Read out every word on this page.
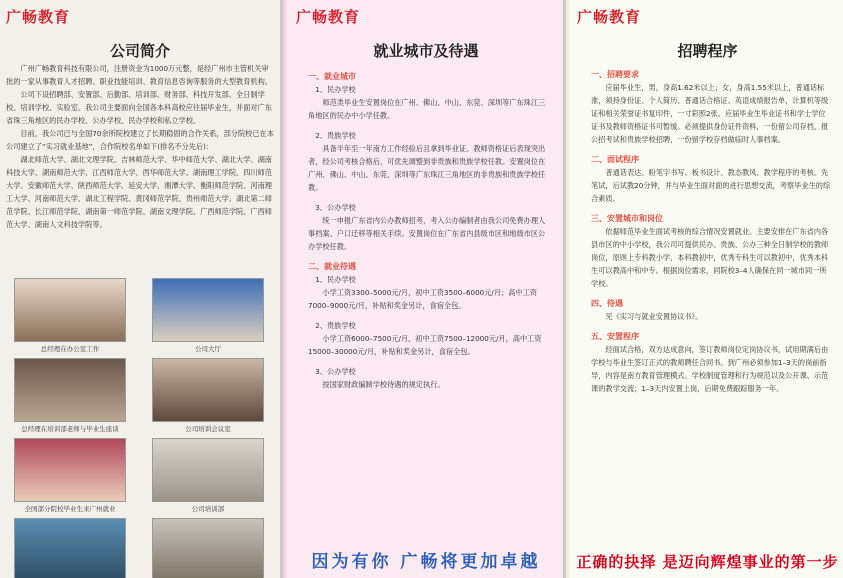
广畅教育
公司简介

广州广畅教育科技有限公司，注册资金为1000万元整，是经广州市主管机关审批的一家从事教育人才招聘、职业技能培训、教育信息咨询等服务的大型教育机构。

公司下设招聘部、安置部、后勤部、培训部、财务部、科技开发部、全日制学校、培训学校、实验室。我公司主要面向全国各本科高校应往届毕业生，并面对广东省珠三角地区的民办学校、公办学校、民办学校和私立学校。

目前，我公司已与全国70余所院校建立了长期稳固的合作关系，部分院校已在本公司建立了“实习就业基地”，合作院校名单如下(排名不分先后)：

湖北师范大学、湖北文理学院、吉林师范大学、华中师范大学、湖北大学、湖南科技大学、湖南师范大学、江西师范大学、西华师范大学、湖南理工学院、四川师范大学、安徽师范大学、陕西师范大学、延安大学、湘潭大学、衡阳师范学院、河南理工大学、河南师范大学、湖北工程学院、黄冈师范学院、贵州师范大学、湖北第二师范学院、长江师范学院、湖南第一师范学院、湖南文理学院、广西师范学院、广西师范大学、湖南人文科技学院等。

总经理在办公室工作	公司大厅
总经理在培训部老师与毕业生座谈	公司培训会议室
全国部分院校毕业生来广州就业	公司培训部
广畅教育
就业城市及待遇

一、就业城市

1、民办学校

师范类毕业生安置岗位在广州、佛山、中山、东莞、深圳等广东珠江三角地区的民办中小学任教。

2、贵族学校

具备半年至一年南方工作经验后且拿到毕业证、教师资格证后表现突出者，经公司考核合格后，可优先调整到非贵族和贵族学校任教。安置岗位在广州、佛山、中山、东莞、深圳等广东珠江三角地区的非贵族和贵族学校任教。

3、公办学校

统一申报广东省内公办教师招考，考入公办编制者由我公司免费办理人事档案、户口迁移等相关手续。安置岗位在广东省内县级市区和地级市区公办学校任教。

二、就业待遇

1、民办学校

小学工资3300–5000元/月，初中工资3500–6000元/月；高中工资7000–9000元/月，补贴和奖金另计，食宿全包。

2、贵族学校

小学工资6000–7500元/月，初中工资7500–12000元/月，高中工资15000–30000元/月，补贴和奖金另计，食宿全包。

3、公办学校

按国家财政编制学校待遇的规定执行。

因为有你 广畅将更加卓越
广畅教育
招聘程序

一、招聘要求

应届毕业生，男，身高1.62米以上；女，身高1.55米以上，普通话标准，须持身份证、个人简历、普通话合格证、英语成绩报告单，计算机等级证和相关荣誉证书复印件，一寸彩照2张。应届毕业生毕业证书和学士学位证书及教师资格证书可暂缓。必须提供身份证件资料，一份留公司存档，报公招考试和贵族学校招聘，一份留学校存档做临时人事档案。

二、面试程序

普通话表达、粉笔字书写、板书设计、教态教风、教学程序的考核。先笔试，后试教20分钟，并与毕业生面对面的进行思想交流，考察毕业生的综合素质。

三、安置城市和岗位

依据师范毕业生面试考核的综合情况安置就业。主要安排在广东省内各县市区的中小学校，我公司可提供民办、贵族、公办三种全日制学校的教师岗位，原则上专科教小学，本科教初中，优秀专科生可以教初中，优秀本科生可以教高中和中专。根据岗位需求，同院校3–4人确保在同一城市同一所学校。

四、待遇

见《实习与就业安置协议书》。

五、安置程序

经面试合格，双方达成意向，签订教师岗位定岗协议书，试用期满后由学校与毕业生签订正式的教师聘任合同书。到广州必须参加1–3天的岗前指导，内容是南方教育管理模式、学校制度管理和行为规范以及公开课、示范课的教学交流；1–3天内安置上岗，后期免费跟踪服务一年。

正确的抉择 是迈向辉煌事业的第一步
